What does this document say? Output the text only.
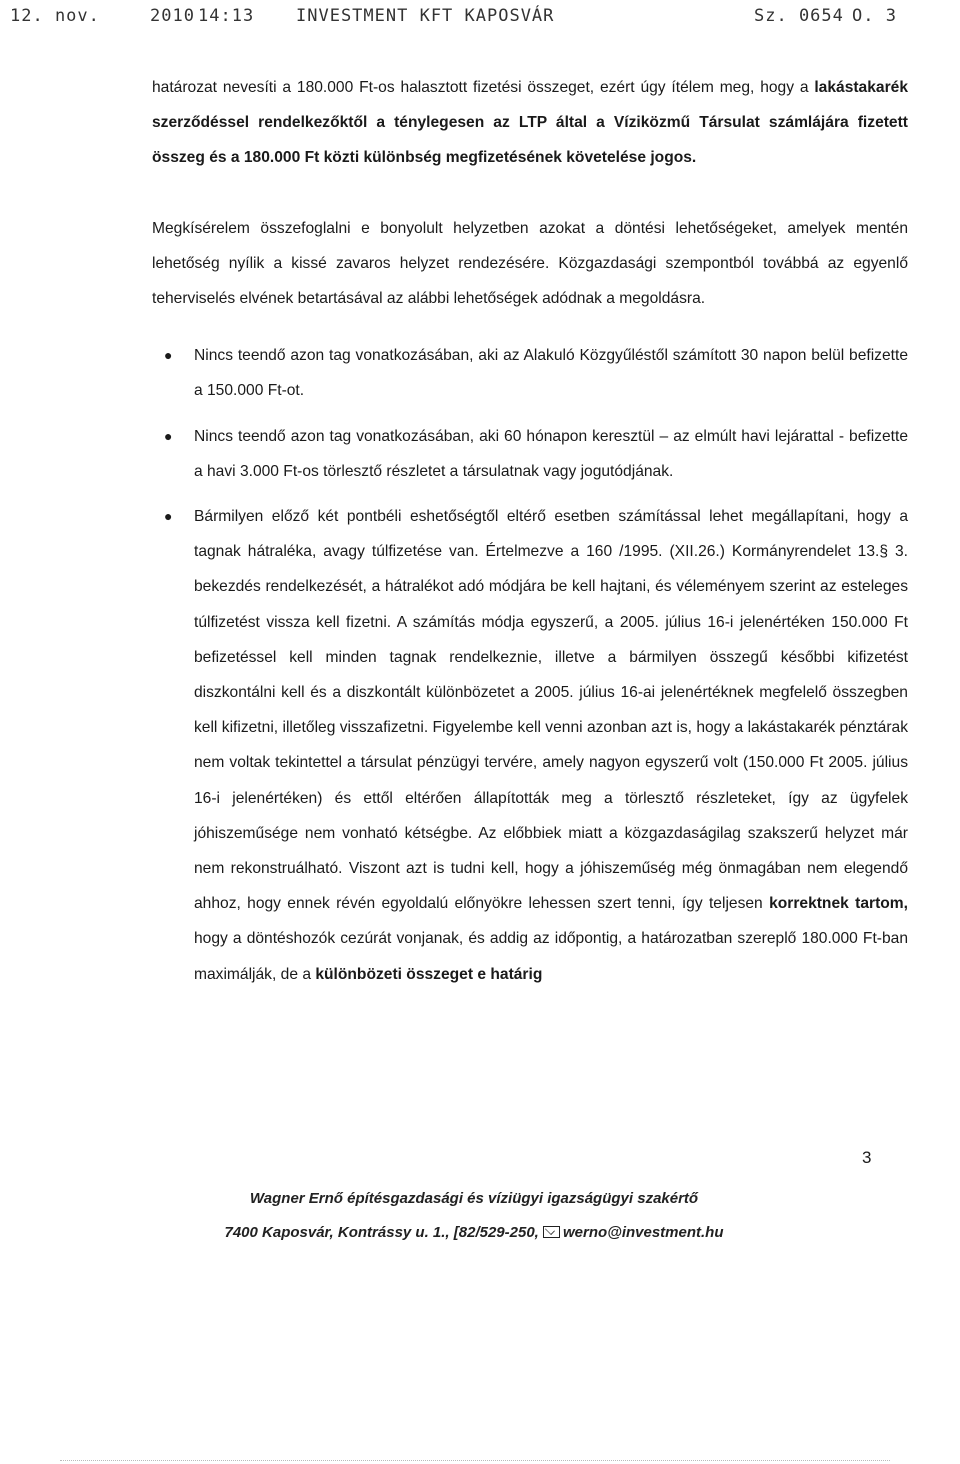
12. nov.	2010 14:13 INVESTMENT KFT KAPOSVÁR	Sz. 0654 O. 3

határozat nevesíti a 180.000 Ft-os halasztott fizetési összeget, ezért úgy ítélem meg, hogy a lakástakarék szerződéssel rendelkezőktől a ténylegesen az LTP által a Víziközmű Társulat számlájára fizetett összeg és a 180.000 Ft közti különbség megfizetésének követelése jogos.

Megkísérelem összefoglalni e bonyolult helyzetben azokat a döntési lehetőségeket, amelyek mentén lehetőség nyílik a kissé zavaros helyzet rendezésére. Közgazdasági szempontból továbbá az egyenlő teherviselés elvének betartásával az alábbi lehetőségek adódnak a megoldásra.

● Nincs teendő azon tag vonatkozásában, aki az Alakuló Közgyűléstől számított 30 napon belül befizette a 150.000 Ft-ot.
● Nincs teendő azon tag vonatkozásában, aki 60 hónapon keresztül – az elmúlt havi lejárattal - befizette a havi 3.000 Ft-os törlesztő részletet a társulatnak vagy jogutódjának.
● Bármilyen előző két pontbéli eshetőségtől eltérő esetben számítással lehet megállapítani, hogy a tagnak hátraléka, avagy túlfizetése van. Értelmezve a 160 /1995. (XII.26.) Kormányrendelet 13.§ 3. bekezdés rendelkezését, a hátralékot adó módjára be kell hajtani, és véleményem szerint az esteleges túlfizetést vissza kell fizetni. A számítás módja egyszerű, a 2005. július 16-i jelenértéken 150.000 Ft befizetéssel kell minden tagnak rendelkeznie, illetve a bármilyen összegű későbbi kifizetést diszkontálni kell és a diszkontált különbözetet a 2005. július 16-ai jelenértéknek megfelelő összegben kell kifizetni, illetőleg visszafizetni. Figyelembe kell venni azonban azt is, hogy a lakástakarék pénztárak nem voltak tekintettel a társulat pénzügyi tervére, amely nagyon egyszerű volt (150.000 Ft 2005. július 16-i jelenértéken) és ettől eltérően állapították meg a törlesztő részleteket, így az ügyfelek jóhiszeműsége nem vonható kétségbe. Az előbbiek miatt a közgazdaságilag szakszerű helyzet már nem rekonstruálható. Viszont azt is tudni kell, hogy a jóhiszeműség még önmagában nem elegendő ahhoz, hogy ennek révén egyoldalú előnyökre lehessen szert tenni, így teljesen korrektnek tartom, hogy a döntéshozók cezúrát vonjanak, és addig az időpontig, a határozatban szereplő 180.000 Ft-ban maximálják, de a különbözeti összeget e határig
3
Wagner Ernő építésgazdasági és víziügyi igazságügyi szakértő
7400 Kaposvár, Kontrássy u. 1., [82/529-250, werno@investment.hu
